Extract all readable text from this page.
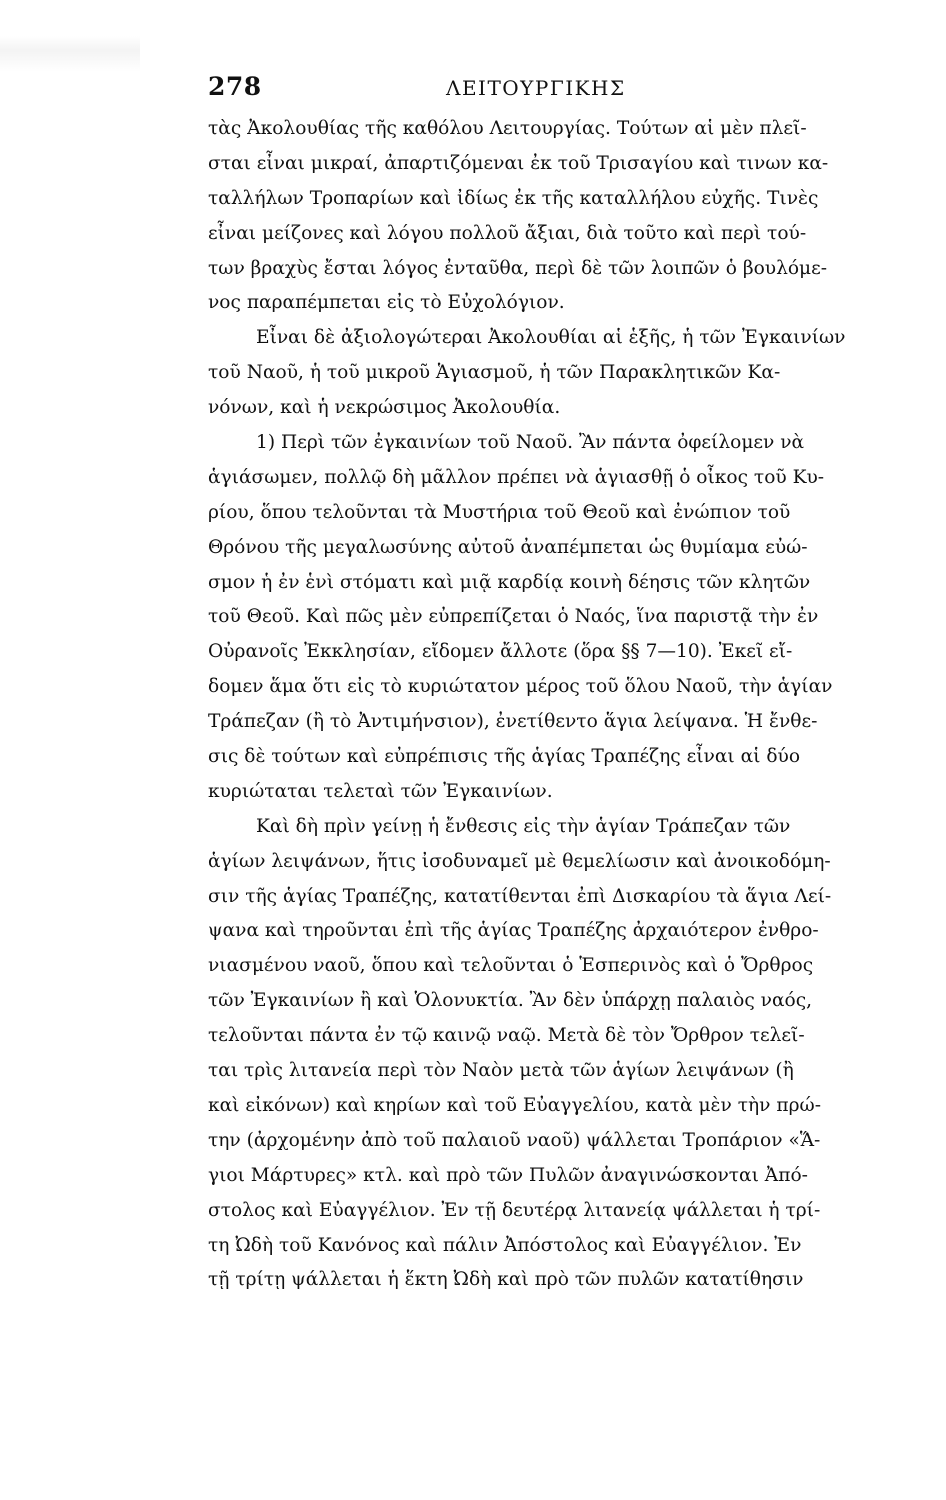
278	ΛΕΙΤΟΥΡΓΙΚΗΣ
τὰς Ἀκολουθίας τῆς καθόλου Λειτουργίας. Τούτων αἱ μὲν πλεῖ-
σται εἶναι μικραί, ἀπαρτιζόμεναι ἐκ τοῦ Τρισαγίου καὶ τινων κα-
ταλλήλων Τροπαρίων καὶ ἰδίως ἐκ τῆς καταλλήλου εὐχῆς. Τινὲς
εἶναι μείζονες καὶ λόγου πολλοῦ ἄξιαι, διὰ τοῦτο καὶ περὶ τού-
των βραχὺς ἔσται λόγος ἐνταῦθα, περὶ δὲ τῶν λοιπῶν ὁ βουλόμε-
νος παραπέμπεται εἰς τὸ Εὐχολόγιον.
Εἶναι δὲ ἀξιολογώτεραι Ἀκολουθίαι αἱ ἑξῆς, ἡ τῶν Ἐγκαινίων
τοῦ Ναοῦ, ἡ τοῦ μικροῦ Ἁγιασμοῦ, ἡ τῶν Παρακλητικῶν Κα-
νόνων, καὶ ἡ νεκρώσιμος Ἀκολουθία.
1) Περὶ τῶν ἐγκαινίων τοῦ Ναοῦ. Ἂν πάντα ὀφείλομεν νὰ
ἁγιάσωμεν, πολλῷ δὴ μᾶλλον πρέπει νὰ ἁγιασθῇ ὁ οἶκος τοῦ Κυ-
ρίου, ὅπου τελοῦνται τὰ Μυστήρια τοῦ Θεοῦ καὶ ἐνώπιον τοῦ
Θρόνου τῆς μεγαλωσύνης αὐτοῦ ἀναπέμπεται ὡς θυμίαμα εὐώ-
σμον ἡ ἐν ἑνὶ στόματι καὶ μιᾷ καρδίᾳ κοινὴ δέησις τῶν κλητῶν
τοῦ Θεοῦ. Καὶ πῶς μὲν εὐπρεπίζεται ὁ Ναός, ἵνα παριστᾷ τὴν ἐν
Οὐρανοῖς Ἐκκλησίαν, εἴδομεν ἄλλοτε (ὅρα §§ 7—10). Ἐκεῖ εἴ-
δομεν ἅμα ὅτι εἰς τὸ κυριώτατον μέρος τοῦ ὅλου Ναοῦ, τὴν ἁγίαν
Τράπεζαν (ἢ τὸ Ἀντιμήνσιον), ἐνετίθεντο ἅγια λείψανα. Ἡ ἔνθε-
σις δὲ τούτων καὶ εὐπρέπισις τῆς ἁγίας Τραπέζης εἶναι αἱ δύο
κυριώταται τελεταὶ τῶν Ἐγκαινίων.
Καὶ δὴ πρὶν γείνῃ ἡ ἔνθεσις εἰς τὴν ἁγίαν Τράπεζαν τῶν
ἁγίων λειψάνων, ἥτις ἰσοδυναμεῖ μὲ θεμελίωσιν καὶ ἀνοικοδόμη-
σιν τῆς ἁγίας Τραπέζης, κατατίθενται ἐπὶ Δισκαρίου τὰ ἅγια Λεί-
ψανα καὶ τηροῦνται ἐπὶ τῆς ἁγίας Τραπέζης ἀρχαιότερον ἐνθρο-
νιασμένου ναοῦ, ὅπου καὶ τελοῦνται ὁ Ἑσπερινὸς καὶ ὁ Ὄρθρος
τῶν Ἐγκαινίων ἢ καὶ Ὁλονυκτία. Ἂν δὲν ὑπάρχῃ παλαιὸς ναός,
τελοῦνται πάντα ἐν τῷ καινῷ ναῷ. Μετὰ δὲ τὸν Ὄρθρον τελεῖ-
ται τρὶς λιτανεία περὶ τὸν Ναὸν μετὰ τῶν ἁγίων λειψάνων (ἢ
καὶ εἰκόνων) καὶ κηρίων καὶ τοῦ Εὐαγγελίου, κατὰ μὲν τὴν πρώ-
την (ἀρχομένην ἀπὸ τοῦ παλαιοῦ ναοῦ) ψάλλεται Τροπάριον «Ἅ-
γιοι Μάρτυρες» κτλ. καὶ πρὸ τῶν Πυλῶν ἀναγινώσκονται Ἀπό-
στολος καὶ Εὐαγγέλιον. Ἐν τῇ δευτέρᾳ λιτανείᾳ ψάλλεται ἡ τρί-
τη Ὠδὴ τοῦ Κανόνος καὶ πάλιν Ἀπόστολος καὶ Εὐαγγέλιον. Ἐν
τῇ τρίτῃ ψάλλεται ἡ ἕκτη Ὠδὴ καὶ πρὸ τῶν πυλῶν κατατίθησιν
